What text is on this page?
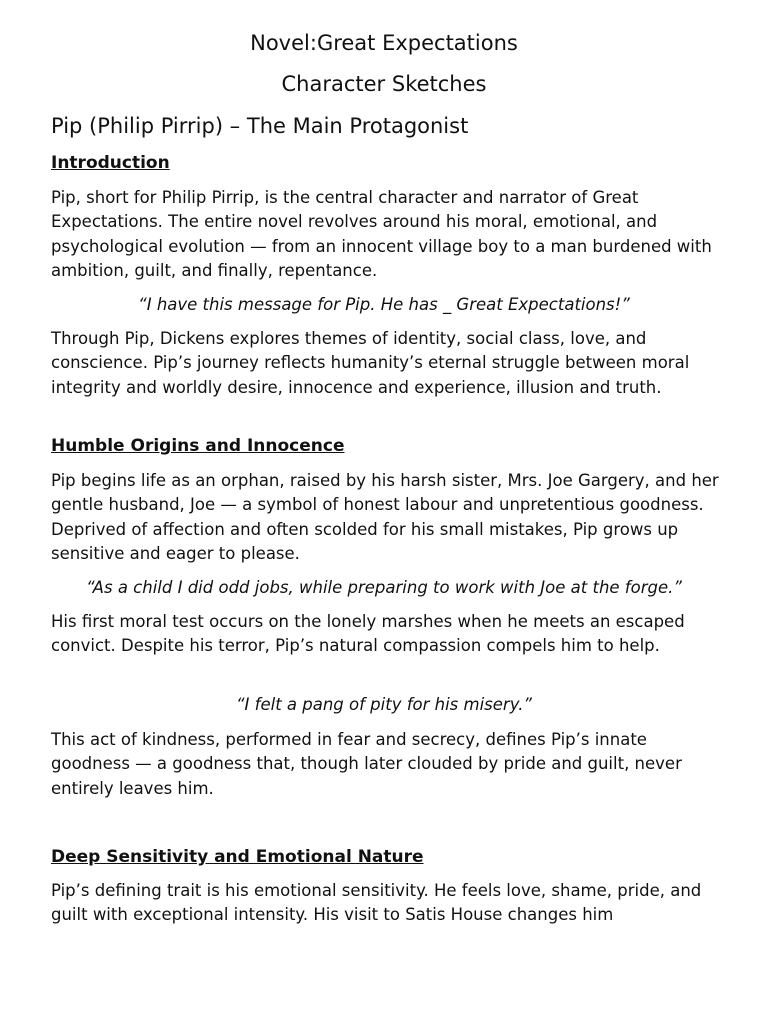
Novel:Great Expectations
Character Sketches
Pip (Philip Pirrip) – The Main Protagonist
Introduction

Pip, short for Philip Pirrip, is the central character and narrator of Great Expectations. The entire novel revolves around his moral, emotional, and psychological evolution — from an innocent village boy to a man burdened with ambition, guilt, and finally, repentance.

“I have this message for Pip. He has _ Great Expectations!”

Through Pip, Dickens explores themes of identity, social class, love, and conscience. Pip’s journey reflects humanity’s eternal struggle between moral integrity and worldly desire, innocence and experience, illusion and truth.

Humble Origins and Innocence

Pip begins life as an orphan, raised by his harsh sister, Mrs. Joe Gargery, and her gentle husband, Joe — a symbol of honest labour and unpretentious goodness. Deprived of affection and often scolded for his small mistakes, Pip grows up sensitive and eager to please.

“As a child I did odd jobs, while preparing to work with Joe at the forge.”

His first moral test occurs on the lonely marshes when he meets an escaped convict. Despite his terror, Pip’s natural compassion compels him to help.

“I felt a pang of pity for his misery.”

This act of kindness, performed in fear and secrecy, defines Pip’s innate goodness — a goodness that, though later clouded by pride and guilt, never entirely leaves him.

Deep Sensitivity and Emotional Nature

Pip’s defining trait is his emotional sensitivity. He feels love, shame, pride, and guilt with exceptional intensity. His visit to Satis House changes him
